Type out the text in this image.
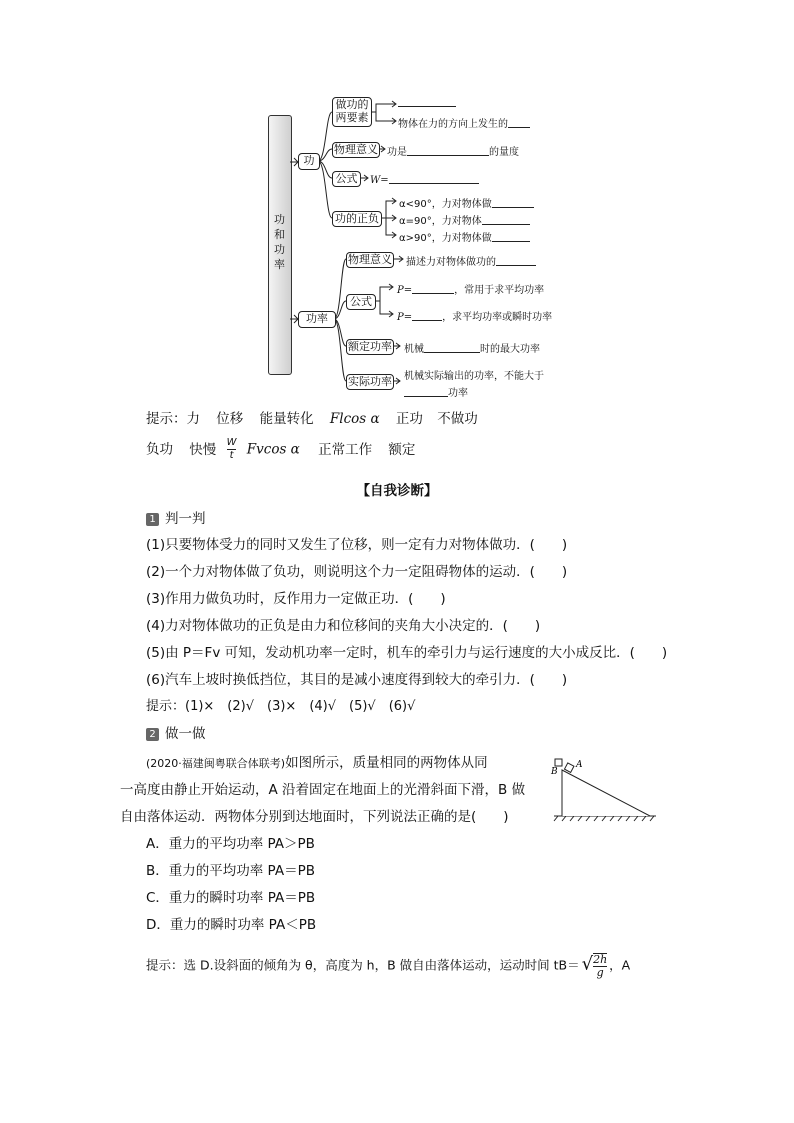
功和功率
功
功率
做功的两要素
物体在力的方向上发生的
物理意义 功是	的量度
公式	W=
功的正负
α<90°，力对物体做
α=90°，力对物体
α>90°，力对物体做
物理意义 描述力对物体做功的
公式
P=	，常用于求平均功率
P=	，求平均功率或瞬时功率
额定功率 机械	时的最大功率
实际功率 机械实际输出的功率，不能大于
功率
提示：力 位移 能量转化 Flcos α 正功 不做功
负功 快慢 $\frac{W}{t}$ Fvcos α 正常工作 额定
【自我诊断】
1 判一判
(1)只要物体受力的同时又发生了位移，则一定有力对物体做功．(　　)
(2)一个力对物体做了负功，则说明这个力一定阻碍物体的运动．(　　)
(3)作用力做负功时，反作用力一定做正功．(　　)
(4)力对物体做功的正负是由力和位移间的夹角大小决定的．(　　)
(5)由 P＝Fv 可知，发动机功率一定时，机车的牵引力与运行速度的大小成反比．(　　)
(6)汽车上坡时换低挡位，其目的是减小速度得到较大的牵引力．(　　)
提示：(1)×　(2)√　(3)×　(4)√　(5)√　(6)√
2 做一做
(2020·福建闽粤联合体联考)如图所示，质量相同的两物体从同
一高度由静止开始运动，A 沿着固定在地面上的光滑斜面下滑，B 做
自由落体运动．两物体分别到达地面时，下列说法正确的是(　　)
B
A
A．重力的平均功率 PA＞PB
B．重力的平均功率 PA＝PB
C．重力的瞬时功率 PA＝PB
D．重力的瞬时功率 PA＜PB
提示：选 D.设斜面的倾角为 θ，高度为 h，B 做自由落体运动，运动时间 tB＝ √ $\frac{2h}{g}$ ，A
